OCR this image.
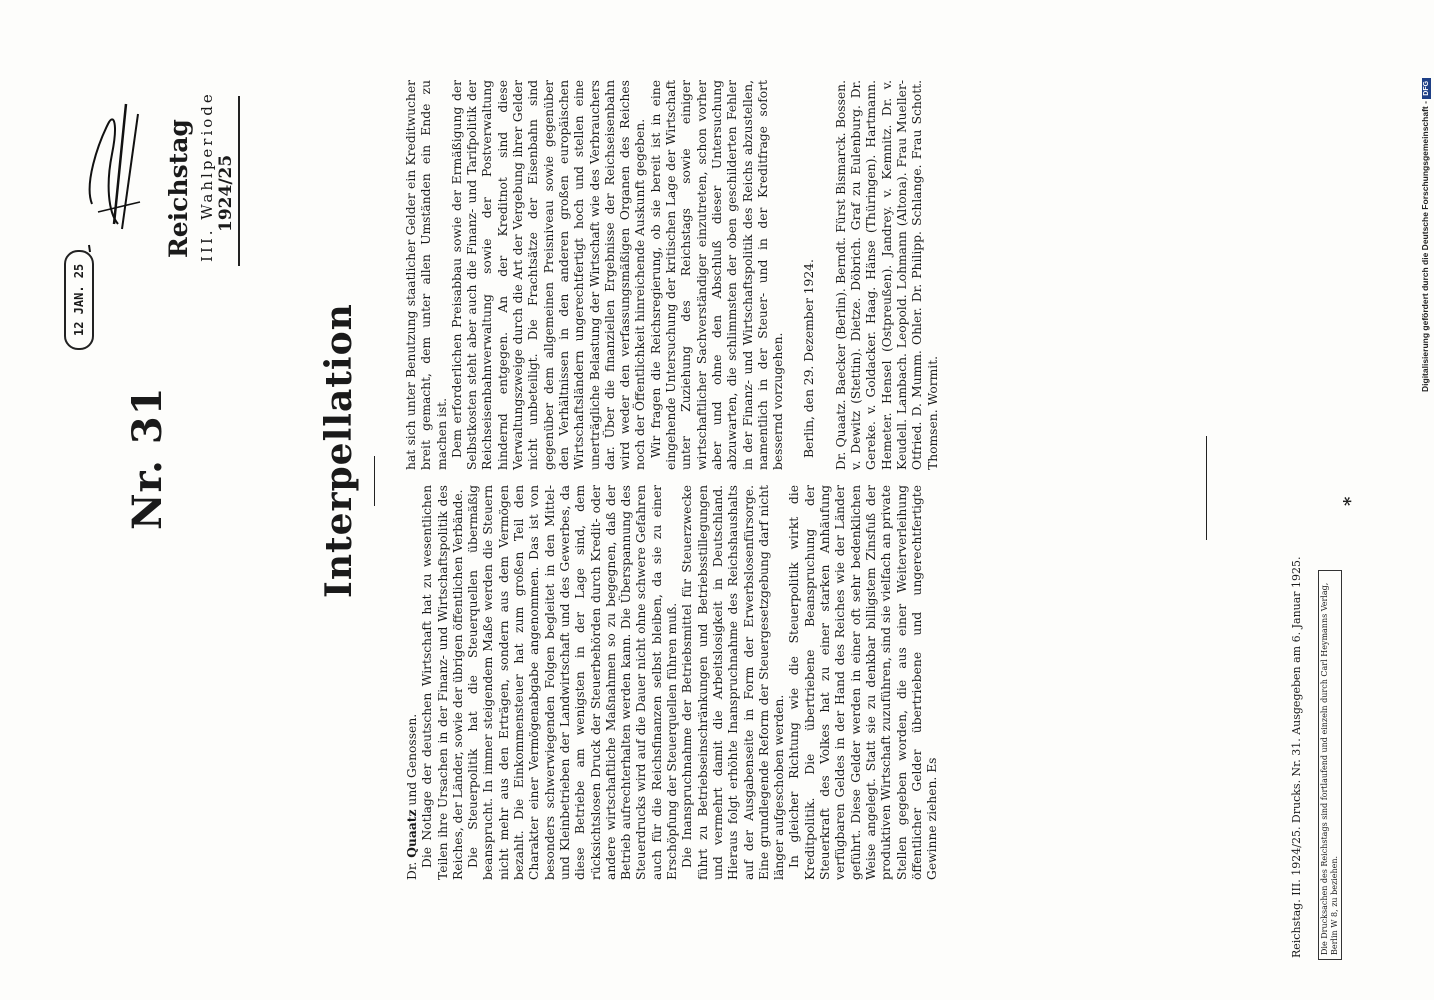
12 JAN. 25
Nr. 31
Reichstag III. Wahlperiode 1924/25
Interpellation

Dr. Quaatz und Genossen. Die Notlage der deutschen Wirtschaft hat zu wesentlichen Teilen ihre Ursachen in der Finanz- und Wirtschaftspolitik des Reiches, der Länder, sowie der übrigen öffentlichen Verbände. Die Steuerpolitik hat die Steuerquellen übermäßig beansprucht. In immer steigendem Maße werden die Steuern nicht mehr aus den Erträgen, sondern aus dem Vermögen bezahlt. Die Einkommensteuer hat zum großen Teil den Charakter einer Vermögenabgabe angenommen. Das ist von besonders schwerwiegenden Folgen begleitet in den Mittel- und Kleinbetrieben der Landwirtschaft und des Gewerbes, da diese Betriebe am wenigsten in der Lage sind, dem rücksichtslosen Druck der Steuerbehörden durch Kredit- oder andere wirtschaftliche Maßnahmen so zu begegnen, daß der Betrieb aufrechterhalten werden kann. Die Überspannung des Steuerdrucks wird auf die Dauer nicht ohne schwere Gefahren auch für die Reichsfinanzen selbst bleiben, da sie zu einer Erschöpfung der Steuerquellen führen muß. Die Inanspruchnahme der Betriebsmittel für Steuerzwecke führt zu Betriebseinschränkungen und Betriebsstillegungen und vermehrt damit die Arbeitslosigkeit in Deutschland. Hieraus folgt erhöhte Inanspruchnahme des Reichshaushalts auf der Ausgabenseite in Form der Erwerbslosenfürsorge. Eine grundlegende Reform der Steuergesetzgebung darf nicht länger aufgeschoben werden. In gleicher Richtung wie die Steuerpolitik wirkt die Kreditpolitik. Die übertriebene Beanspruchung der Steuerkraft des Volkes hat zu einer starken Anhäufung verfügbaren Geldes in der Hand des Reiches wie der Länder geführt. Diese Gelder werden in einer oft sehr bedenklichen Weise angelegt. Statt sie zu denkbar billigstem Zinsfuß der produktiven Wirtschaft zuzuführen, sind sie vielfach an private Stellen gegeben worden, die aus einer Weiterverleihung öffentlicher Gelder übertriebene und ungerechtfertigte Gewinne ziehen. Es

hat sich unter Benutzung staatlicher Gelder ein Kreditwucher breit gemacht, dem unter allen Umständen ein Ende zu machen ist. Dem erforderlichen Preisabbau sowie der Ermäßigung der Selbstkosten steht aber auch die Finanz- und Tarifpolitik der Reichseisenbahnverwaltung sowie der Postverwaltung hindernd entgegen. An der Kreditnot sind diese Verwaltungszweige durch die Art der Vergebung ihrer Gelder nicht unbeteiligt. Die Frachtsätze der Eisenbahn sind gegenüber dem allgemeinen Preisniveau sowie gegenüber den Verhältnissen in den anderen großen europäischen Wirtschaftsländern ungerechtfertigt hoch und stellen eine unerträgliche Belastung der Wirtschaft wie des Verbrauchers dar. Über die finanziellen Ergebnisse der Reichseisenbahn wird weder den verfassungsmäßigen Organen des Reiches noch der Öffentlichkeit hinreichende Auskunft gegeben. Wir fragen die Reichsregierung, ob sie bereit ist in eine eingehende Untersuchung der kritischen Lage der Wirtschaft unter Zuziehung des Reichstags sowie einiger wirtschaftlicher Sachverständiger einzutreten, schon vorher aber und ohne den Abschluß dieser Untersuchung abzuwarten, die schlimmsten der oben geschilderten Fehler in der Finanz- und Wirtschaftspolitik des Reichs abzustellen, namentlich in der Steuer- und in der Kreditfrage sofort bessernd vorzugehen. Berlin, den 29. Dezember 1924. Dr. Quaatz. Baecker (Berlin). Berndt. Fürst Bismarck. Bossen. v. Dewitz (Stettin). Dietze. Döbrich. Graf zu Eulenburg. Dr. Gereke. v. Goldacker. Haag. Hänse (Thüringen). Hartmann. Hemeter. Hensel (Ostpreußen). Jandrey. v. Kemnitz. Dr. v. Keudell. Lambach. Leopold. Lohmann (Altona). Frau Mueller-Otfried. D. Mumm. Ohler. Dr. Philipp. Schlange. Frau Schott. Thomsen. Wormit.

Reichstag. III. 1924/25. Drucks. Nr. 31. Ausgegeben am 6. Januar 1925. Die Drucksachen des Reichstags sind fortlaufend und einzeln durch Carl Heymanns Verlag, Berlin W 8, zu beziehen.
*
Digitalisierung gefördert durch die Deutsche Forschungsgemeinschaft - DFG
